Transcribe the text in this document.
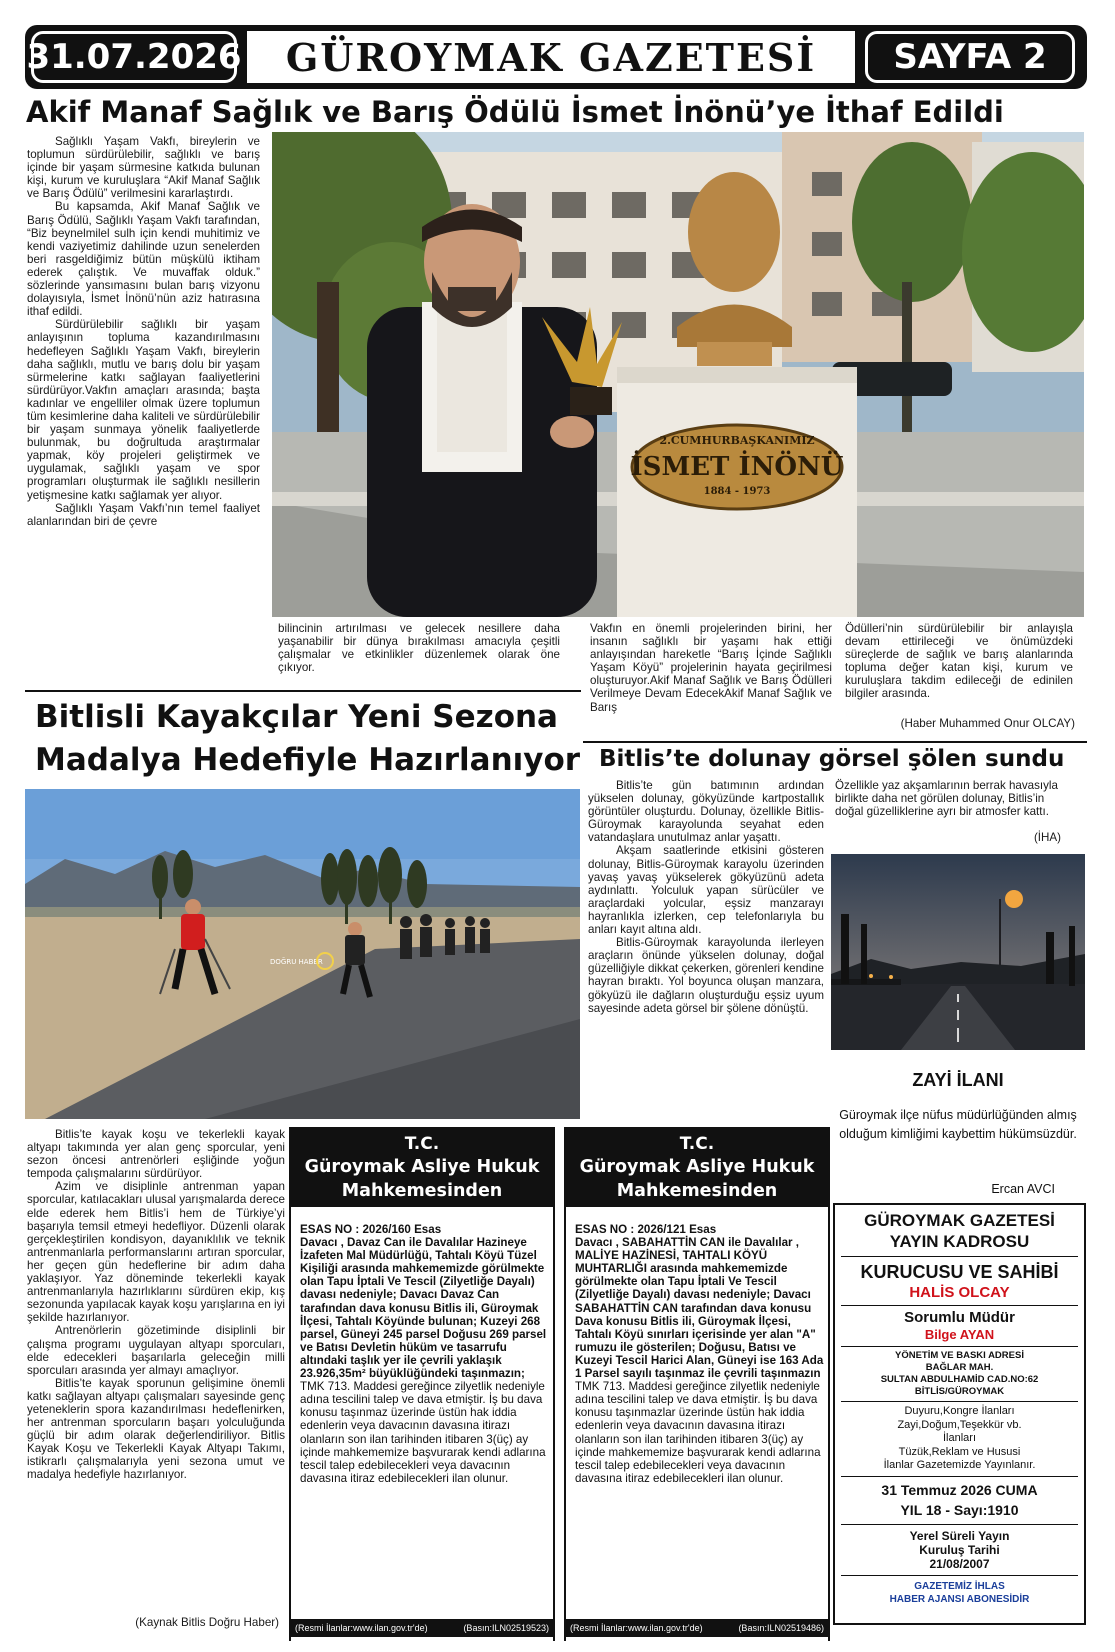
31.07.2026	GÜROYMAK GAZETESİ	SAYFA 2
Akif Manaf Sağlık ve Barış Ödülü İsmet İnönü’ye İthaf Edildi

Sağlıklı Yaşam Vakfı, bireylerin ve toplumun sürdürülebilir, sağlıklı ve barış içinde bir yaşam sürmesine katkıda bulunan kişi, kurum ve kuruluşlara “Akif Manaf Sağlık ve Barış Ödülü” verilmesini kararlaştırdı.

Bu kapsamda, Akif Manaf Sağlık ve Barış Ödülü, Sağlıklı Yaşam Vakfı tarafından, “Biz beynelmilel sulh için kendi muhitimiz ve kendi vaziyetimiz dahilinde uzun senelerden beri rasgeldiğimiz bütün müşkülü iktiham ederek çalıştık. Ve muvaffak olduk.” sözlerinde yansımasını bulan barış vizyonu dolayısıyla, İsmet İnönü’nün aziz hatırasına ithaf edildi.

Sürdürülebilir sağlıklı bir yaşam anlayışının topluma kazandırılmasını hedefleyen Sağlıklı Yaşam Vakfı, bireylerin daha sağlıklı, mutlu ve barış dolu bir yaşam sürmelerine katkı sağlayan faaliyetlerini sürdürüyor.Vakfın amaçları arasında; başta kadınlar ve engelliler olmak üzere toplumun tüm kesimlerine daha kaliteli ve sürdürülebilir bir yaşam sunmaya yönelik faaliyetlerde bulunmak, bu doğrultuda araştırmalar yapmak, köy projeleri geliştirmek ve uygulamak, sağlıklı yaşam ve spor programları oluşturmak ile sağlıklı nesillerin yetişmesine katkı sağlamak yer alıyor.

Sağlıklı Yaşam Vakfı’nın temel faaliyet alanlarından biri de çevre

2.CUMHURBAŞKANIMIZ
İSMET İNÖNÜ
1884 - 1973
bilincinin artırılması ve gelecek nesillere daha yaşanabilir bir dünya bırakılması amacıyla çeşitli çalışmalar ve etkinlikler düzenlemek olarak öne çıkıyor.
Vakfın en önemli projelerinden birini, her insanın sağlıklı bir yaşamı hak ettiği anlayışından hareketle “Barış İçinde Sağlıklı Yaşam Köyü” projelerinin hayata geçirilmesi oluşturuyor.Akif Manaf Sağlık ve Barış Ödülleri Verilmeye Devam EdecekAkif Manaf Sağlık ve Barış
Ödülleri’nin sürdürülebilir bir anlayışla devam ettirileceği ve önümüzdeki süreçlerde de sağlık ve barış alanlarında topluma değer katan kişi, kurum ve kuruluşlara takdim edileceği de edinilen bilgiler arasında.
(Haber Muhammed Onur OLCAY)
Bitlisli Kayakçılar Yeni Sezona
Madalya Hedefiyle Hazırlanıyor
DOĞRU HABER

Bitlis’te kayak koşu ve tekerlekli kayak altyapı takımında yer alan genç sporcular, yeni sezon öncesi antrenörleri eşliğinde yoğun tempoda çalışmalarını sürdürüyor.

Azim ve disiplinle antrenman yapan sporcular, katılacakları ulusal yarışmalarda derece elde ederek hem Bitlis’i hem de Türkiye’yi başarıyla temsil etmeyi hedefliyor. Düzenli olarak gerçekleştirilen kondisyon, dayanıklılık ve teknik antrenmanlarla performanslarını artıran sporcular, her geçen gün hedeflerine bir adım daha yaklaşıyor. Yaz döneminde tekerlekli kayak antrenmanlarıyla hazırlıklarını sürdüren ekip, kış sezonunda yapılacak kayak koşu yarışlarına en iyi şekilde hazırlanıyor.

Antrenörlerin gözetiminde disiplinli bir çalışma programı uygulayan altyapı sporcuları, elde edecekleri başarılarla geleceğin milli sporcuları arasında yer almayı amaçlıyor.

Bitlis’te kayak sporunun gelişimine önemli katkı sağlayan altyapı çalışmaları sayesinde genç yeteneklerin spora kazandırılması hedeflenirken, her antrenman sporcuların başarı yolculuğunda güçlü bir adım olarak değerlendiriliyor. Bitlis Kayak Koşu ve Tekerlekli Kayak Altyapı Takımı, istikrarlı çalışmalarıyla yeni sezona umut ve madalya hedefiyle hazırlanıyor.

(Kaynak Bitlis Doğru Haber)
Bitlis’te dolunay görsel şölen sundu

Bitlis’te gün batımının ardından yükselen dolunay, gökyüzünde kartpostallık görüntüler oluşturdu. Dolunay, özellikle Bitlis-Güroymak karayolunda seyahat eden vatandaşlara unutulmaz anlar yaşattı.

Akşam saatlerinde etkisini gösteren dolunay, Bitlis-Güroymak karayolu üzerinden yavaş yavaş yükselerek gökyüzünü adeta aydınlattı. Yolculuk yapan sürücüler ve araçlardaki yolcular, eşsiz manzarayı hayranlıkla izlerken, cep telefonlarıyla bu anları kayıt altına aldı.

Bitlis-Güroymak karayolunda ilerleyen araçların önünde yükselen dolunay, doğal güzelliğiyle dikkat çekerken, görenleri kendine hayran bıraktı. Yol boyunca oluşan manzara, gökyüzü ile dağların oluşturduğu eşsiz uyum sayesinde adeta görsel bir şölene dönüştü.

Özellikle yaz akşamlarının berrak havasıyla birlikte daha net görülen dolunay, Bitlis’in doğal güzelliklerine ayrı bir atmosfer kattı.
(İHA)
ZAYİ İLANI
Güroymak ilçe nüfus müdürlüğünden almış olduğum kimliğimi kaybettim hükümsüzdür.
Ercan AVCI
T.C.
Güroymak Asliye Hukuk
Mahkemesinden
ESAS NO : 2026/160 Esas
Davacı , Davaz Can ile Davalılar Hazineye İzafeten Mal Müdürlüğü, Tahtalı Köyü Tüzel Kişiliği arasında mahkememizde görülmekte olan Tapu İptali Ve Tescil (Zilyetliğe Dayalı) davası nedeniyle; Davacı Davaz Can tarafından dava konusu Bitlis ili, Güroymak İlçesi, Tahtalı Köyünde bulunan; Kuzeyi 268 parsel, Güneyi 245 parsel Doğusu 269 parsel ve Batısı Devletin hüküm ve tasarrufu altındaki taşlık yer ile çevrili yaklaşık 23.926,35m² büyüklüğündeki taşınmazın;
TMK 713. Maddesi gereğince zilyetlik nedeniyle adına tescilini talep ve dava etmiştir. İş bu dava konusu taşınmaz üzerinde üstün hak iddia edenlerin veya davacının davasına itirazı olanların son ilan tarihinden itibaren 3(üç) ay içinde mahkememize başvurarak kendi adlarına tescil talep edebilecekleri veya davacının davasına itiraz edebilecekleri ilan olunur.
(Resmi İlanlar:www.ilan.gov.tr'de)	(Basın:ILN02519523)
T.C.
Güroymak Asliye Hukuk
Mahkemesinden
ESAS NO : 2026/121 Esas
Davacı , SABAHATTİN CAN ile Davalılar , MALİYE HAZİNESİ, TAHTALI KÖYÜ MUHTARLIĞI arasında mahkememizde görülmekte olan Tapu İptali Ve Tescil (Zilyetliğe Dayalı) davası nedeniyle; Davacı SABAHATTİN CAN tarafından dava konusu Dava konusu Bitlis ili, Güroymak İlçesi, Tahtalı Köyü sınırları içerisinde yer alan "A" rumuzu ile gösterilen; Doğusu, Batısı ve Kuzeyi Tescil Harici Alan, Güneyi ise 163 Ada 1 Parsel sayılı taşınmaz ile çevrili taşınmazın
TMK 713. Maddesi gereğince zilyetlik nedeniyle adına tescilini talep ve dava etmiştir. İş bu dava konusu taşınmazlar üzerinde üstün hak iddia edenlerin veya davacının davasına itirazı olanların son ilan tarihinden itibaren 3(üç) ay içinde mahkememize başvurarak kendi adlarına tescil talep edebilecekleri veya davacının davasına itiraz edebilecekleri ilan olunur.
(Resmi İlanlar:www.ilan.gov.tr'de)	(Basın:ILN02519486)
GÜROYMAK GAZETESİ
YAYIN KADROSU
KURUCUSU VE SAHİBİ
HALİS OLCAY
Sorumlu Müdür
Bilge AYAN
YÖNETİM VE BASKI ADRESİ
BAĞLAR MAH.
SULTAN ABDULHAMİD CAD.NO:62
BİTLİS/GÜROYMAK
Duyuru,Kongre İlanları
Zayi,Doğum,Teşekkür vb.
İlanları
Tüzük,Reklam ve Hususi
İlanlar Gazetemizde Yayınlanır.
31 Temmuz 2026 CUMA
YIL 18 - Sayı:1910
Yerel Süreli Yayın
Kuruluş Tarihi
21/08/2007
GAZETEMİZ İHLAS
HABER AJANSI ABONESİDİR
